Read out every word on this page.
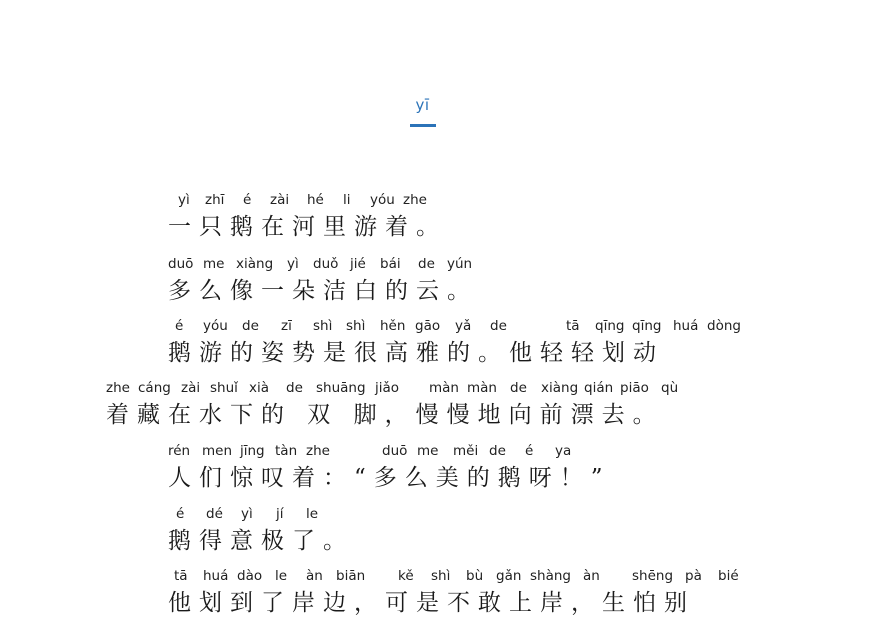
yī
yì zhī é zài hé li yóu zhe
一只鹅在河里游着。
duō me xiàng yì duǒ jié bái de yún
多么像一朵洁白的云。
é yóu de zī shì shì hěn gāo yǎ de	tā qīng qīng huá dòng
鹅游的姿势是很高雅的。他轻轻划动
zhe cáng zài shuǐ xià de shuāng jiǎo màn màn de xiàng qián piāo qù
着藏在水下的 双 脚，慢慢地向前漂去。
rén men jīng tàn zhe	duō me měi de é ya
人们惊叹着：“多么美的鹅呀！”
é dé yì jí le
鹅得意极了。
tā huá dào le àn biān kě shì bù gǎn shàng àn shēng pà bié
他划到了岸边，可是不敢上岸，生怕别
